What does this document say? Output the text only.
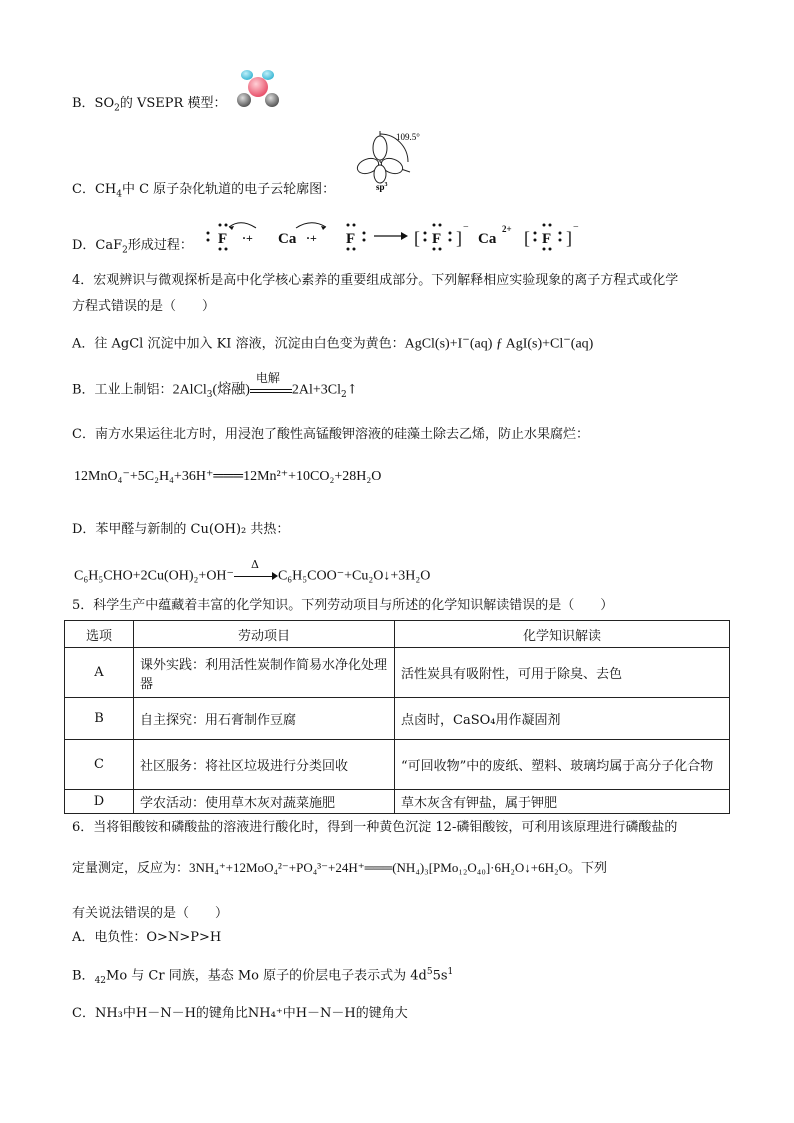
B．$SO_2$的 VSEPR 模型：
C．$CH_4$中 C 原子杂化轨道的电子云轮廓图：
109.5°
$sp^3$
D．CaF$_2$形成过程： F ·+ Ca ·+ F	[ F ]
−
Ca
2+ [ F ]
−
4．宏观辨识与微观探析是高中化学核心素养的重要组成部分。下列解释相应实验现象的离子方程式或化学
方程式错误的是（　　）
A．往 AgCl 沉淀中加入 KI 溶液，沉淀由白色变为黄色：AgCl(s)+I−(aq) ƒ AgI(s)+Cl−(aq)
B．工业上制铝：2AlCl$_3$(熔融)
电解
$2Al+3Cl_2↑$
C．南方水果运往北方时，用浸泡了酸性高锰酸钾溶液的硅藻土除去乙烯，防止水果腐烂：
12MnO₄⁻+5C₂H₄+36H⁺═══12Mn²⁺+10CO₂+28H₂O
D．苯甲醛与新制的 Cu(OH)₂ 共热：
C₆H₅CHO+2Cu(OH)₂+OH⁻
Δ
C₆H₅COO⁻+Cu₂O↓+3H₂O
5．科学生产中蕴藏着丰富的化学知识。下列劳动项目与所述的化学知识解读错误的是（　　）
选项	劳动项目	化学知识解读
A	课外实践：利用活性炭制作简易水净化处理器	活性炭具有吸附性，可用于除臭、去色
B	自主探究：用石膏制作豆腐	点卤时，CaSO₄用作凝固剂
C	社区服务：将社区垃圾进行分类回收	“可回收物”中的废纸、塑料、玻璃均属于高分子化合物
D	学农活动：使用草木灰对蔬菜施肥	草木灰含有钾盐，属于钾肥
6．当将钼酸铵和磷酸盐的溶液进行酸化时，得到一种黄色沉淀 12-磷钼酸铵，可利用该原理进行磷酸盐的
定量测定，反应为：3NH₄⁺+12MoO₄²⁻+PO₄³⁻+24H⁺═══(NH₄)₃[PMo₁₂O₄₀]·6H₂O↓+6H₂O。下列
有关说法错误的是（　　）
A．电负性：O>N>P>H
B．$_{42}$Mo 与 Cr 同族，基态 Mo 原子的价层电子表示式为 $4d^55s^1$
C．NH₃中H－N－H的键角比NH₄⁺中H－N－H的键角大
